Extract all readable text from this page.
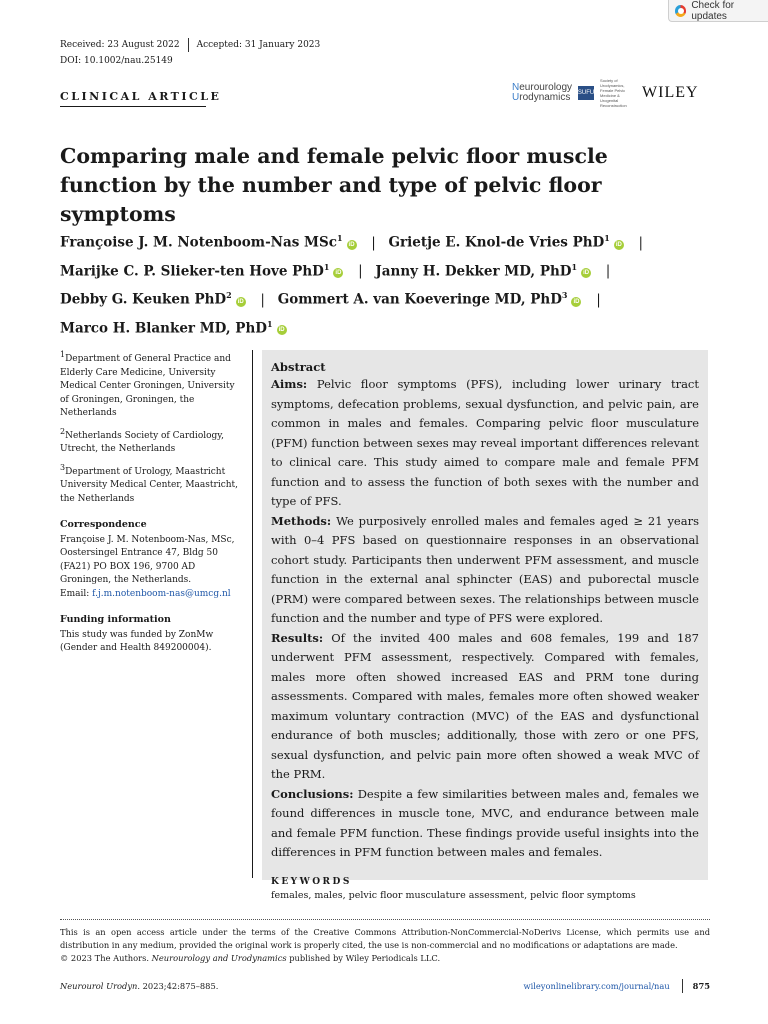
Check for updates
Received: 23 August 2022 Accepted: 31 January 2023
DOI: 10.1002/nau.25149
CLINICAL ARTICLE
Neurourology
Urodynamics SUFU
Society of Urodynamics, Female Pelvic Medicine & Urogenital Reconstruction
WILEY
Comparing male and female pelvic floor muscle function by the number and type of pelvic floor symptoms
Françoise J. M. Notenboom-Nas MSc$^1$iD | Grietje E. Knol-de Vries PhD$^1$iD |
Marijke C. P. Slieker-ten Hove PhD$^1$iD | Janny H. Dekker MD, PhD$^1$iD |
Debby G. Keuken PhD$^2$iD | Gommert A. van Koeveringe MD, PhD$^3$iD |
Marco H. Blanker MD, PhD$^1$iD

$^1$Department of General Practice and Elderly Care Medicine, University Medical Center Groningen, University of Groningen, Groningen, the Netherlands

$^2$Netherlands Society of Cardiology, Utrecht, the Netherlands

$^3$Department of Urology, Maastricht University Medical Center, Maastricht, the Netherlands

Correspondence
Françoise J. M. Notenboom-Nas, MSc, Oostersingel Entrance 47, Bldg 50 (FA21) PO BOX 196, 9700 AD Groningen, the Netherlands.
Email: f.j.m.notenboom-nas@umcg.nl
Funding information
This study was funded by ZonMw (Gender and Health 849200004).
Abstract
Aims: Pelvic floor symptoms (PFS), including lower urinary tract symptoms, defecation problems, sexual dysfunction, and pelvic pain, are common in males and females. Comparing pelvic floor musculature (PFM) function between sexes may reveal important differences relevant to clinical care. This study aimed to compare male and female PFM function and to assess the function of both sexes with the number and type of PFS.
Methods: We purposively enrolled males and females aged ≥ 21 years with 0–4 PFS based on questionnaire responses in an observational cohort study. Participants then underwent PFM assessment, and muscle function in the external anal sphincter (EAS) and puborectal muscle (PRM) were compared between sexes. The relationships between muscle function and the number and type of PFS were explored.
Results: Of the invited 400 males and 608 females, 199 and 187 underwent PFM assessment, respectively. Compared with females, males more often showed increased EAS and PRM tone during assessments. Compared with males, females more often showed weaker maximum voluntary contraction (MVC) of the EAS and dysfunctional endurance of both muscles; additionally, those with zero or one PFS, sexual dysfunction, and pelvic pain more often showed a weak MVC of the PRM.
Conclusions: Despite a few similarities between males and, females we found differences in muscle tone, MVC, and endurance between male and female PFM function. These findings provide useful insights into the differences in PFM function between males and females.
KEYWORDS
females, males, pelvic floor musculature assessment, pelvic floor symptoms
This is an open access article under the terms of the Creative Commons Attribution-NonCommercial-NoDerivs License, which permits use and distribution in any medium, provided the original work is properly cited, the use is non-commercial and no modifications or adaptations are made.
© 2023 The Authors. Neurourology and Urodynamics published by Wiley Periodicals LLC.
Neurourol Urodyn. 2023;42:875–885.	wileyonlinelibrary.com/journal/nau	875
